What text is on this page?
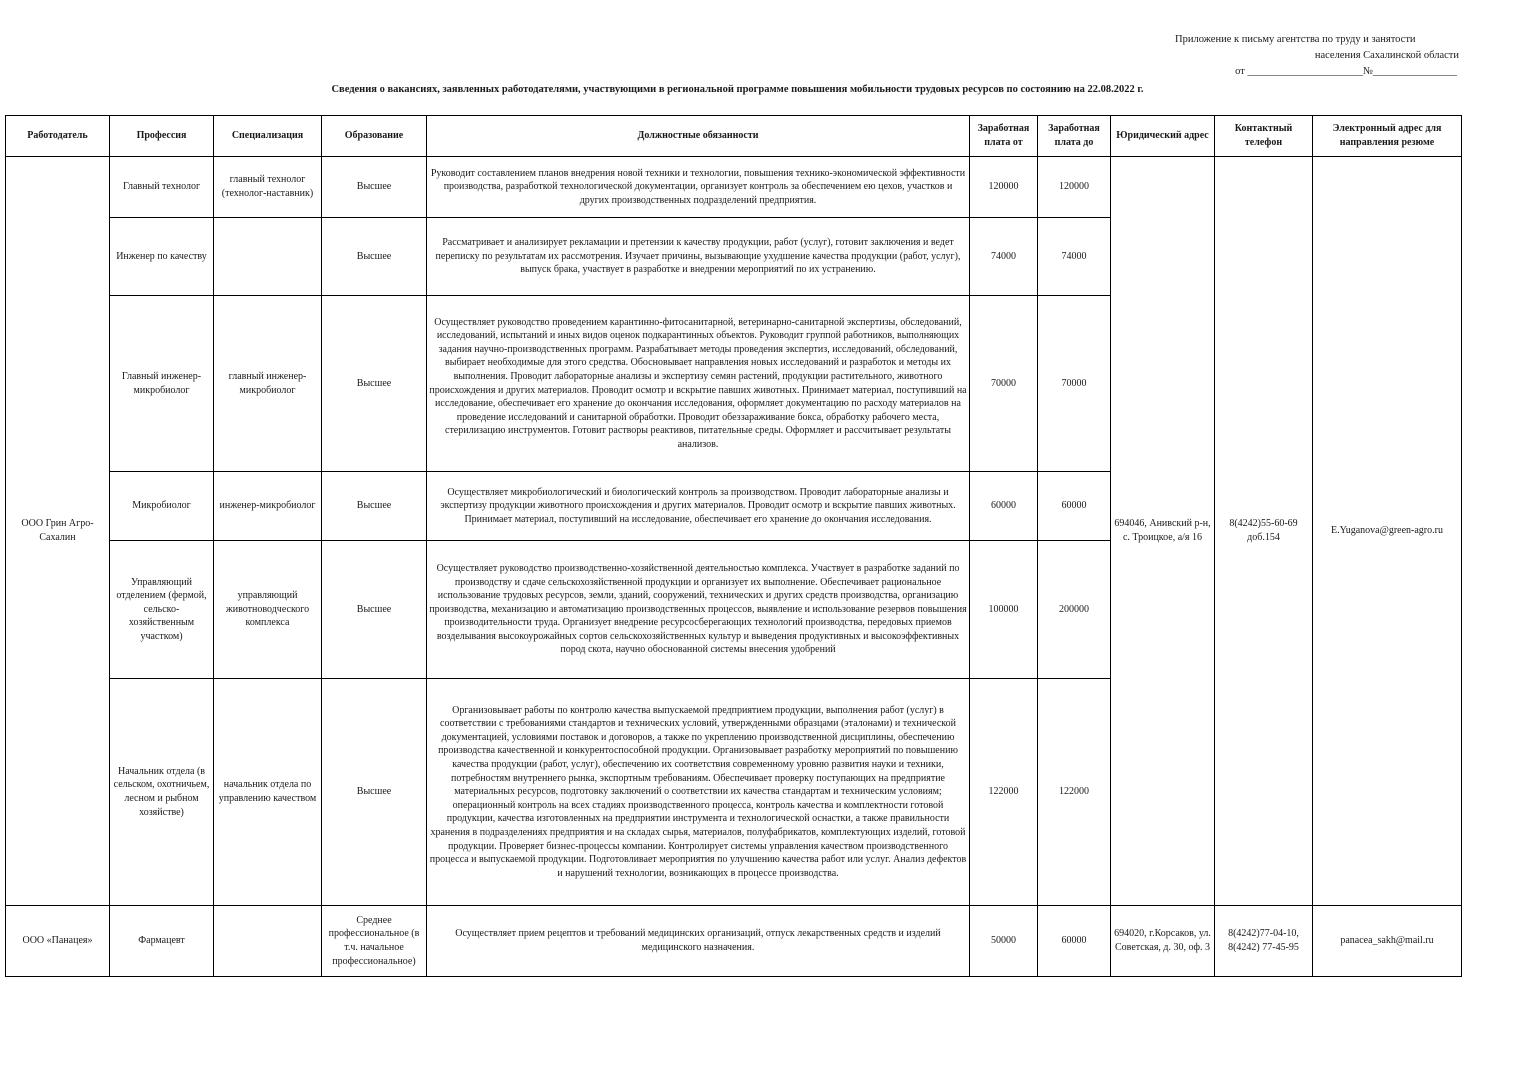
Приложение к письму агентства по труду и занятости
населения Сахалинской области
от ______________________№________________
Сведения о вакансиях, заявленных работодателями, участвующими в региональной программе повышения мобильности трудовых ресурсов по состоянию на 22.08.2022 г.
Работодатель	Профессия	Специализация	Образование	Должностные обязанности	Заработная плата от	Заработная плата до	Юридический адрес	Контактный телефон	Электронный адрес для направления резюме
ООО Грин Агро-Сахалин	Главный технолог	главный технолог (технолог-наставник)	Высшее	Руководит составлением планов внедрения новой техники и технологии, повышения технико-экономической эффективности производства, разработкой технологической документации, организует контроль за обеспечением ею цехов, участков и других производственных подразделений предприятия.	120000	120000	694046, Анивский р-н, с. Троицкое, а/я 16	8(4242)55-60-69 доб.154	E.Yuganova@green-agro.ru
	Инженер по качеству		Высшее	Рассматривает и анализирует рекламации и претензии к качеству продукции, работ (услуг), готовит заключения и ведет переписку по результатам их рассмотрения. Изучает причины, вызывающие ухудшение качества продукции (работ, услуг), выпуск брака, участвует в разработке и внедрении мероприятий по их устранению.	74000	74000			
	Главный инженер-микробиолог	главный инженер-микробиолог	Высшее	Осуществляет руководство проведением карантинно-фитосанитарной, ветеринарно-санитарной экспертизы, обследований, исследований, испытаний и иных видов оценок подкарантинных объектов. Руководит группой работников, выполняющих задания научно-производственных программ. Разрабатывает методы проведения экспертиз, исследований, обследований, выбирает необходимые для этого средства. Обосновывает направления новых исследований и разработок и методы их выполнения. Проводит лабораторные анализы и экспертизу семян растений, продукции растительного, животного происхождения и других материалов. Проводит осмотр и вскрытие павших животных. Принимает материал, поступивший на исследование, обеспечивает его хранение до окончания исследования, оформляет документацию по расходу материалов на проведение исследований и санитарной обработки. Проводит обеззараживание бокса, обработку рабочего места, стерилизацию инструментов. Готовит растворы реактивов, питательные среды. Оформляет и рассчитывает результаты анализов.	70000	70000			
	Микробиолог	инженер-микробиолог	Высшее	Осуществляет микробиологический и биологический контроль за производством. Проводит лабораторные анализы и экспертизу продукции животного происхождения и других материалов. Проводит осмотр и вскрытие павших животных. Принимает материал, поступивший на исследование, обеспечивает его хранение до окончания исследования.	60000	60000			
	Управляющий отделением (фермой, сельско-хозяйственным участком)	управляющий животноводческого комплекса	Высшее	Осуществляет руководство производственно-хозяйственной деятельностью комплекса. Участвует в разработке заданий по производству и сдаче сельскохозяйственной продукции и организует их выполнение. Обеспечивает рациональное использование трудовых ресурсов, земли, зданий, сооружений, технических и других средств производства, организацию производства, механизацию и автоматизацию производственных процессов, выявление и использование резервов повышения производительности труда. Организует внедрение ресурсосберегающих технологий производства, передовых приемов возделывания высокоурожайных сортов сельскохозяйственных культур и выведения продуктивных и высокоэффективных пород скота, научно обоснованной системы внесения удобрений	100000	200000			
	Начальник отдела (в сельском, охотничьем, лесном и рыбном хозяйстве)	начальник отдела по управлению качеством	Высшее	Организовывает работы по контролю качества выпускаемой предприятием продукции, выполнения работ (услуг) в соответствии с требованиями стандартов и технических условий, утвержденными образцами (эталонами) и технической документацией, условиями поставок и договоров, а также по укреплению производственной дисциплины, обеспечению производства качественной и конкурентоспособной продукции. Организовывает разработку мероприятий по повышению качества продукции (работ, услуг), обеспечению их соответствия современному уровню развития науки и техники, потребностям внутреннего рынка, экспортным требованиям. Обеспечивает проверку поступающих на предприятие материальных ресурсов, подготовку заключений о соответствии их качества стандартам и техническим условиям; операционный контроль на всех стадиях производственного процесса, контроль качества и комплектности готовой продукции, качества изготовленных на предприятии инструмента и технологической оснастки, а также правильности хранения в подразделениях предприятия и на складах сырья, материалов, полуфабрикатов, комплектующих изделий, готовой продукции. Проверяет бизнес-процессы компании. Контролирует системы управления качеством производственного процесса и выпускаемой продукции. Подготовливает мероприятия по улучшению качества работ или услуг. Анализ дефектов и нарушений технологии, возникающих в процессе производства.	122000	122000			
ООО «Панацея»	Фармацевт		Среднее профессиональное (в т.ч. начальное профессиональное)	Осуществляет прием рецептов и требований медицинских организаций, отпуск лекарственных средств и изделий медицинского назначения.	50000	60000	694020, г.Корсаков, ул. Советская, д. 30, оф. 3	8(4242)77-04-10, 8(4242) 77-45-95	panacea_sakh@mail.ru
